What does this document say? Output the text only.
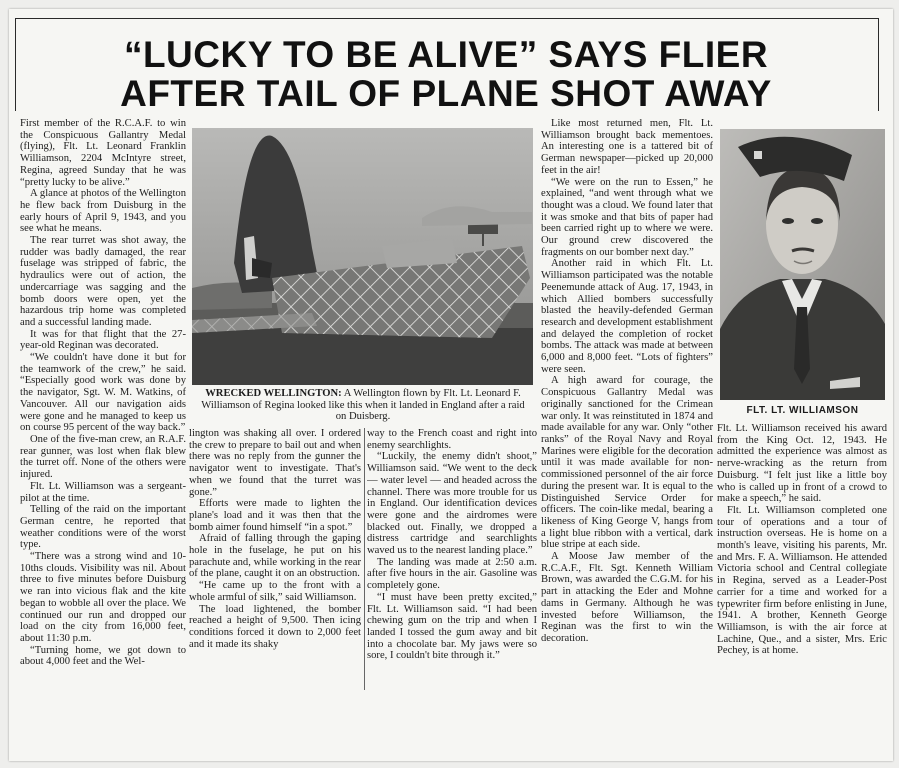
“LUCKY TO BE ALIVE” SAYS FLIER
AFTER TAIL OF PLANE SHOT AWAY

First member of the R.C.A.F. to win the Conspicuous Gallantry Medal (flying), Flt. Lt. Leonard Franklin Williamson, 2204 McIntyre street, Regina, agreed Sunday that he was “pretty lucky to be alive.”

A glance at photos of the Wellington he flew back from Duisburg in the early hours of April 9, 1943, and you see what he means.

The rear turret was shot away, the rudder was badly damaged, the rear fuselage was stripped of fabric, the hydraulics were out of action, the undercarriage was sagging and the bomb doors were open, yet the hazardous trip home was completed and a successful landing made.

It was for that flight that the 27-year-old Reginan was decorated.

“We couldn't have done it but for the teamwork of the crew,” he said. “Especially good work was done by the navigator, Sgt. W. M. Watkins, of Vancouver. All our navigation aids were gone and he managed to keep us on course 95 percent of the way back.”

One of the five-man crew, an R.A.F. rear gunner, was lost when flak blew the turret off. None of the others were injured.

Flt. Lt. Williamson was a sergeant-pilot at the time.

Telling of the raid on the important German centre, he reported that weather conditions were of the worst type.

“There was a strong wind and 10-10ths clouds. Visibility was nil. About three to five minutes before Duisburg we ran into vicious flak and the kite began to wobble all over the place. We continued our run and dropped our load on the city from 16,000 feet, about 11:30 p.m.

“Turning home, we got down to about 4,000 feet and the Wel-

WRECKED WELLINGTON: A Wellington flown by Flt. Lt. Leonard F. Williamson of Regina looked like this when it landed in England after a raid on Duisberg.

lington was shaking all over. I ordered the crew to prepare to bail out and when there was no reply from the gunner the navigator went to investigate. That's when we found that the turret was gone.”

Efforts were made to lighten the plane's load and it was then that the bomb aimer found himself “in a spot.”

Afraid of falling through the gaping hole in the fuselage, he put on his parachute and, while working in the rear of the plane, caught it on an obstruction.

“He came up to the front with a whole armful of silk,” said Williamson.

The load lightened, the bomber reached a height of 9,500. Then icing conditions forced it down to 2,000 feet and it made its shaky

way to the French coast and right into enemy searchlights.

“Luckily, the enemy didn't shoot,” Williamson said. “We went to the deck — water level — and headed across the channel. There was more trouble for us in England. Our identification devices were gone and the airdromes were blacked out. Finally, we dropped a distress cartridge and searchlights waved us to the nearest landing place.”

The landing was made at 2:50 a.m. after five hours in the air. Gasoline was completely gone.

“I must have been pretty excited,” Flt. Lt. Williamson said. “I had been chewing gum on the trip and when I landed I tossed the gum away and bit into a chocolate bar. My jaws were so sore, I couldn't bite through it.”

Like most returned men, Flt. Lt. Williamson brought back mementoes. An interesting one is a tattered bit of German newspaper—picked up 20,000 feet in the air!

“We were on the run to Essen,” he explained, “and went through what we thought was a cloud. We found later that it was smoke and that bits of paper had been carried right up to where we were. Our ground crew discovered the fragments on our bomber next day.”

Another raid in which Flt. Lt. Williamson participated was the notable Peenemunde attack of Aug. 17, 1943, in which Allied bombers successfully blasted the heavily-defended German research and development establishment and delayed the completion of rocket bombs. The attack was made at between 6,000 and 8,000 feet. “Lots of fighters” were seen.

A high award for courage, the Conspicuous Gallantry Medal was originally sanctioned for the Crimean war only. It was reinstituted in 1874 and made available for any war. Only “other ranks” of the Royal Navy and Royal Marines were eligible for the decoration until it was made available for non-commissioned personnel of the air force during the present war. It is equal to the Distinguished Service Order for officers. The coin-like medal, bearing a likeness of King George V, hangs from a light blue ribbon with a vertical, dark blue stripe at each side.

A Moose Jaw member of the R.C.A.F., Flt. Sgt. Kenneth William Brown, was awarded the C.G.M. for his part in attacking the Eder and Mohne dams in Germany. Although he was invested before Williamson, the Reginan was the first to win the decoration.

FLT. LT. WILLIAMSON

Flt. Lt. Williamson received his award from the King Oct. 12, 1943. He admitted the experience was almost as nerve-wracking as the return from Duisburg. “I felt just like a little boy who is called up in front of a crowd to make a speech,” he said.

Flt. Lt. Williamson completed one tour of operations and a tour of instruction overseas. He is home on a month's leave, visiting his parents, Mr. and Mrs. F. A. Williamson. He attended Victoria school and Central collegiate in Regina, served as a Leader-Post carrier for a time and worked for a typewriter firm before enlisting in June, 1941. A brother, Kenneth George Williamson, is with the air force at Lachine, Que., and a sister, Mrs. Eric Pechey, is at home.
